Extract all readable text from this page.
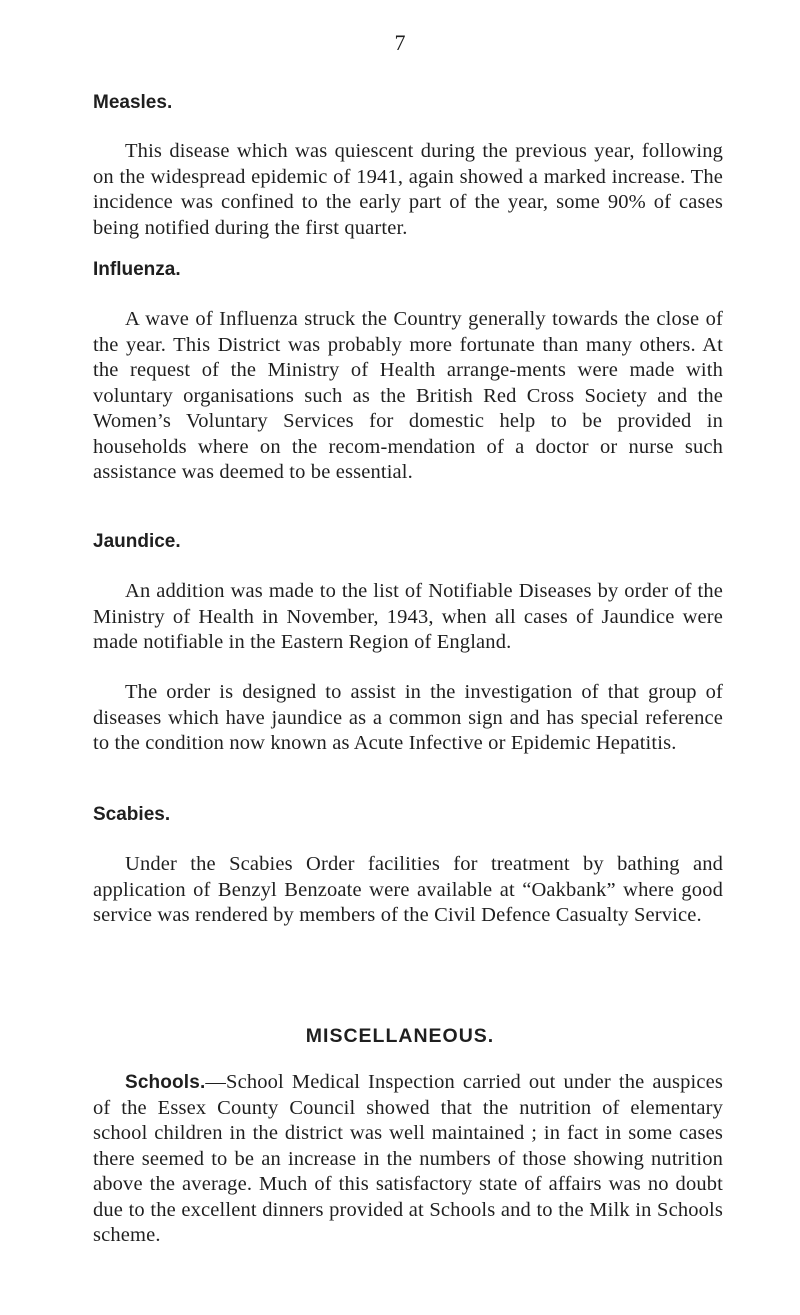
7
Measles.

This disease which was quiescent during the previous year, following on the widespread epidemic of 1941, again showed a marked increase. The incidence was confined to the early part of the year, some 90% of cases being notified during the first quarter.

Influenza.

A wave of Influenza struck the Country generally towards the close of the year. This District was probably more fortunate than many others. At the request of the Ministry of Health arrange-ments were made with voluntary organisations such as the British Red Cross Society and the Women’s Voluntary Services for domestic help to be provided in households where on the recom-mendation of a doctor or nurse such assistance was deemed to be essential.

Jaundice.

An addition was made to the list of Notifiable Diseases by order of the Ministry of Health in November, 1943, when all cases of Jaundice were made notifiable in the Eastern Region of England.

The order is designed to assist in the investigation of that group of diseases which have jaundice as a common sign and has special reference to the condition now known as Acute Infective or Epidemic Hepatitis.

Scabies.

Under the Scabies Order facilities for treatment by bathing and application of Benzyl Benzoate were available at “Oakbank” where good service was rendered by members of the Civil Defence Casualty Service.

MISCELLANEOUS.

Schools.—School Medical Inspection carried out under the auspices of the Essex County Council showed that the nutrition of elementary school children in the district was well maintained ; in fact in some cases there seemed to be an increase in the numbers of those showing nutrition above the average. Much of this satisfactory state of affairs was no doubt due to the excellent dinners provided at Schools and to the Milk in Schools scheme.
